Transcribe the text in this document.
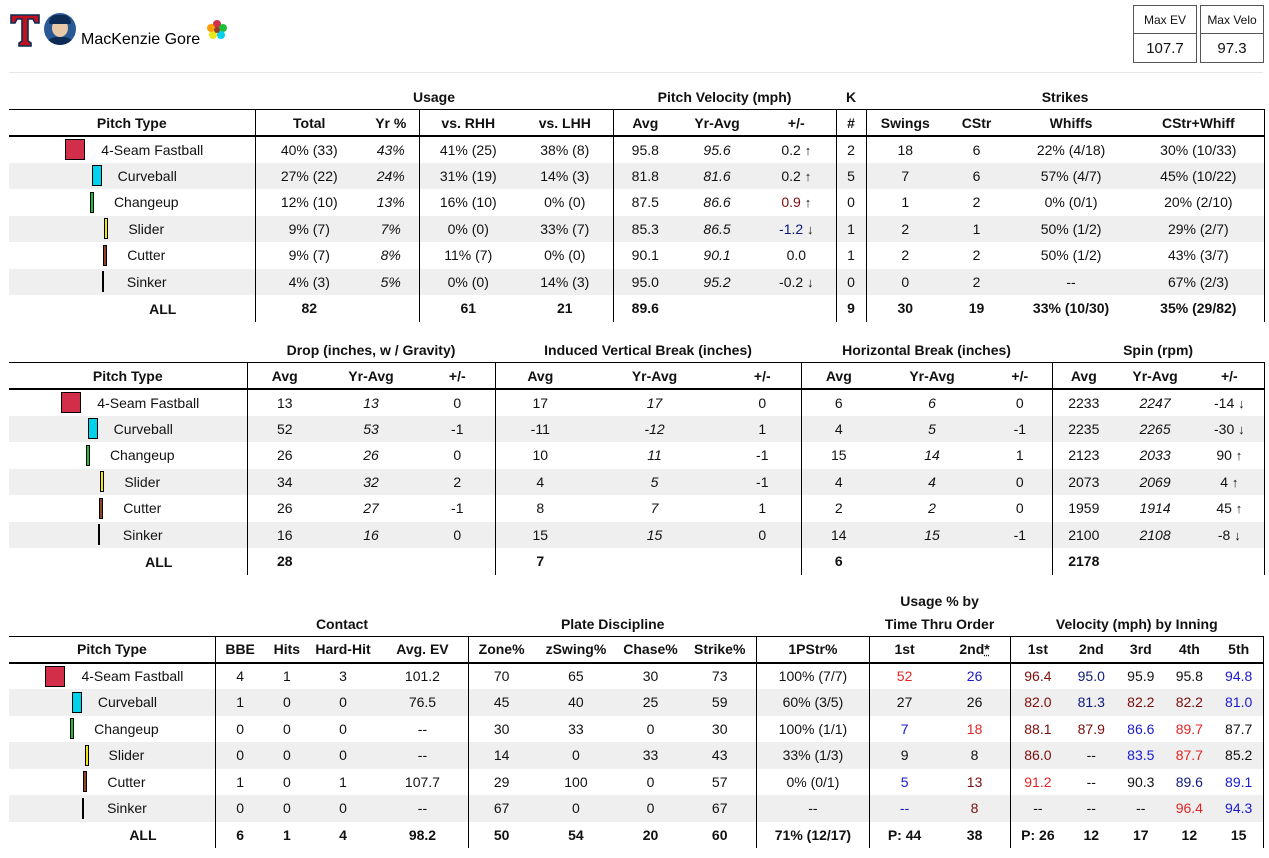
MacKenzie Gore
Max EV
107.7
Max Velo
97.3
	Usage				Pitch Velocity (mph)			K	Strikes			
Pitch Type	Total	Yr %	vs. RHH	vs. LHH	Avg	Yr-Avg	+/-	#	Swings	CStr	Whiffs	CStr+Whiff
4-Seam Fastball	40% (33)	43%	41% (25)	38% (8)	95.8	95.6	0.2 ↑	2	18	6	22% (4/18)	30% (10/33)
Curveball	27% (22)	24%	31% (19)	14% (3)	81.8	81.6	0.2 ↑	5	7	6	57% (4/7)	45% (10/22)
Changeup	12% (10)	13%	16% (10)	0% (0)	87.5	86.6	0.9 ↑	0	1	2	0% (0/1)	20% (2/10)
Slider	9% (7)	7%	0% (0)	33% (7)	85.3	86.5	-1.2 ↓	1	2	1	50% (1/2)	29% (2/7)
Cutter	9% (7)	8%	11% (7)	0% (0)	90.1	90.1	0.0	1	2	2	50% (1/2)	43% (3/7)
Sinker	4% (3)	5%	0% (0)	14% (3)	95.0	95.2	-0.2 ↓	0	0	2	--	67% (2/3)
ALL	82		61	21	89.6			9	30	19	33% (10/30)	35% (29/82)
	Drop (inches, w / Gravity)			Induced Vertical Break (inches)			Horizontal Break (inches)			Spin (rpm)		
Pitch Type	Avg	Yr-Avg	+/-	Avg	Yr-Avg	+/-	Avg	Yr-Avg	+/-	Avg	Yr-Avg	+/-
4-Seam Fastball	13	13	0	17	17	0	6	6	0	2233	2247	-14 ↓
Curveball	52	53	-1	-11	-12	1	4	5	-1	2235	2265	-30 ↓
Changeup	26	26	0	10	11	-1	15	14	1	2123	2033	90 ↑
Slider	34	32	2	4	5	-1	4	4	0	2073	2069	4 ↑
Cutter	26	27	-1	8	7	1	2	2	0	1959	1914	45 ↑
Sinker	16	16	0	15	15	0	14	15	-1	2100	2108	-8 ↓
ALL	28			7			6			2178		
										Usage % by						
	Contact				Plate Discipline					Time Thru Order		Velocity (mph) by Inning				
Pitch Type	BBE	Hits	Hard-Hit	Avg. EV	Zone%	zSwing%	Chase%	Strike%	1PStr%	1st	2nd*	1st	2nd	3rd	4th	5th
4-Seam Fastball	4	1	3	101.2	70	65	30	73	100% (7/7)	52	26	96.4	95.0	95.9	95.8	94.8
Curveball	1	0	0	76.5	45	40	25	59	60% (3/5)	27	26	82.0	81.3	82.2	82.2	81.0
Changeup	0	0	0	--	30	33	0	30	100% (1/1)	7	18	88.1	87.9	86.6	89.7	87.7
Slider	0	0	0	--	14	0	33	43	33% (1/3)	9	8	86.0	--	83.5	87.7	85.2
Cutter	1	0	1	107.7	29	100	0	57	0% (0/1)	5	13	91.2	--	90.3	89.6	89.1
Sinker	0	0	0	--	67	0	0	67	--	--	8	--	--	--	96.4	94.3
ALL	6	1	4	98.2	50	54	20	60	71% (12/17)	P: 44	38	P: 26	12	17	12	15
